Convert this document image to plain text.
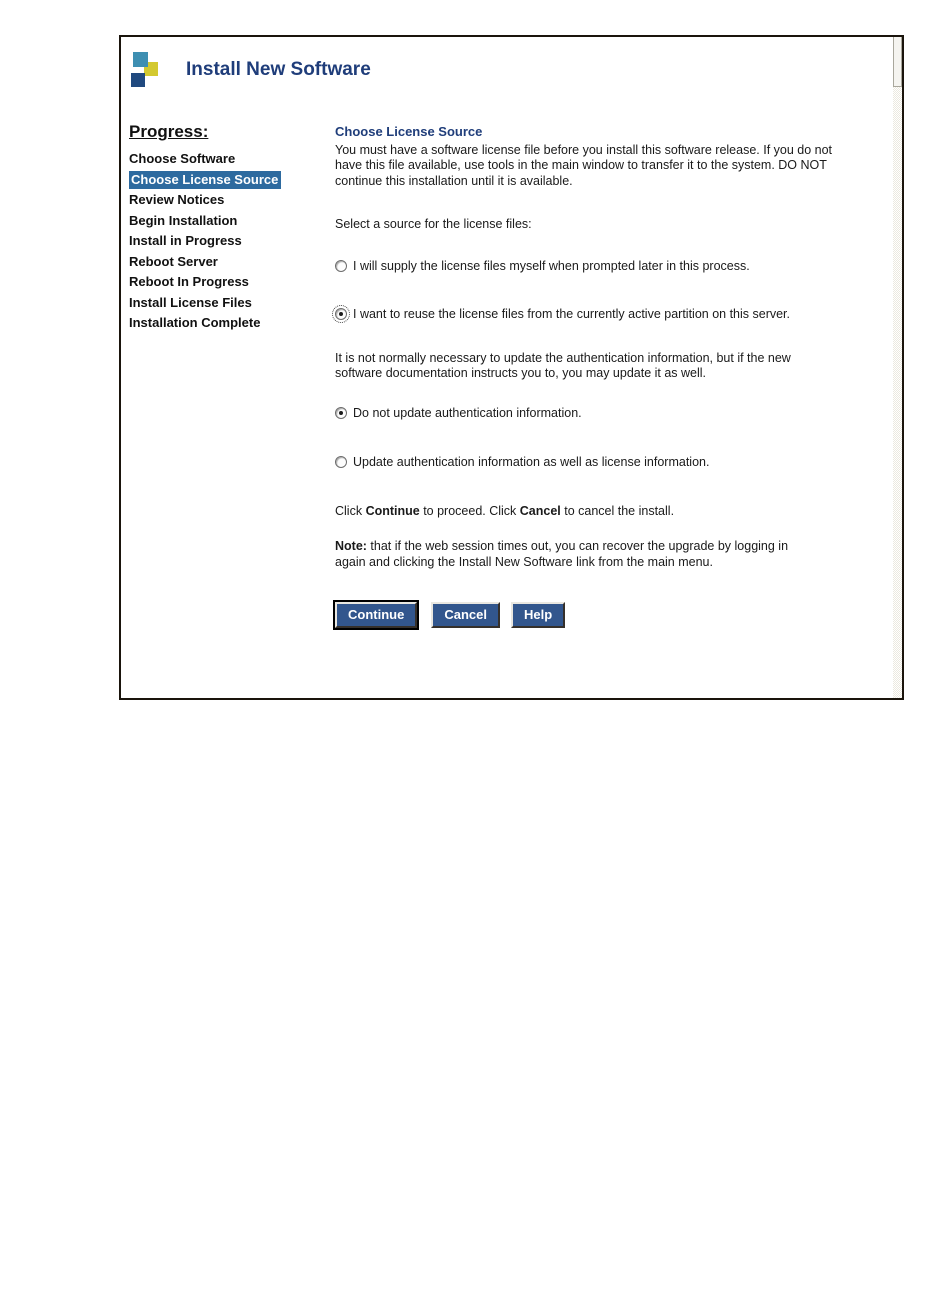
Install New Software
Progress:
Choose Software
Choose License Source
Review Notices
Begin Installation
Install in Progress
Reboot Server
Reboot In Progress
Install License Files
Installation Complete
Choose License Source

You must have a software license file before you install this software release. If you do not have this file available, use tools in the main window to transfer it to the system. DO NOT continue this installation until it is available.

Select a source for the license files:

I will supply the license files myself when prompted later in this process.

I want to reuse the license files from the currently active partition on this server.

It is not normally necessary to update the authentication information, but if the new software documentation instructs you to, you may update it as well.

Do not update authentication information.

Update authentication information as well as license information.

Click Continue to proceed. Click Cancel to cancel the install.

Note: that if the web session times out, you can recover the upgrade by logging in again and clicking the Install New Software link from the main menu.

Continue	Cancel	Help
